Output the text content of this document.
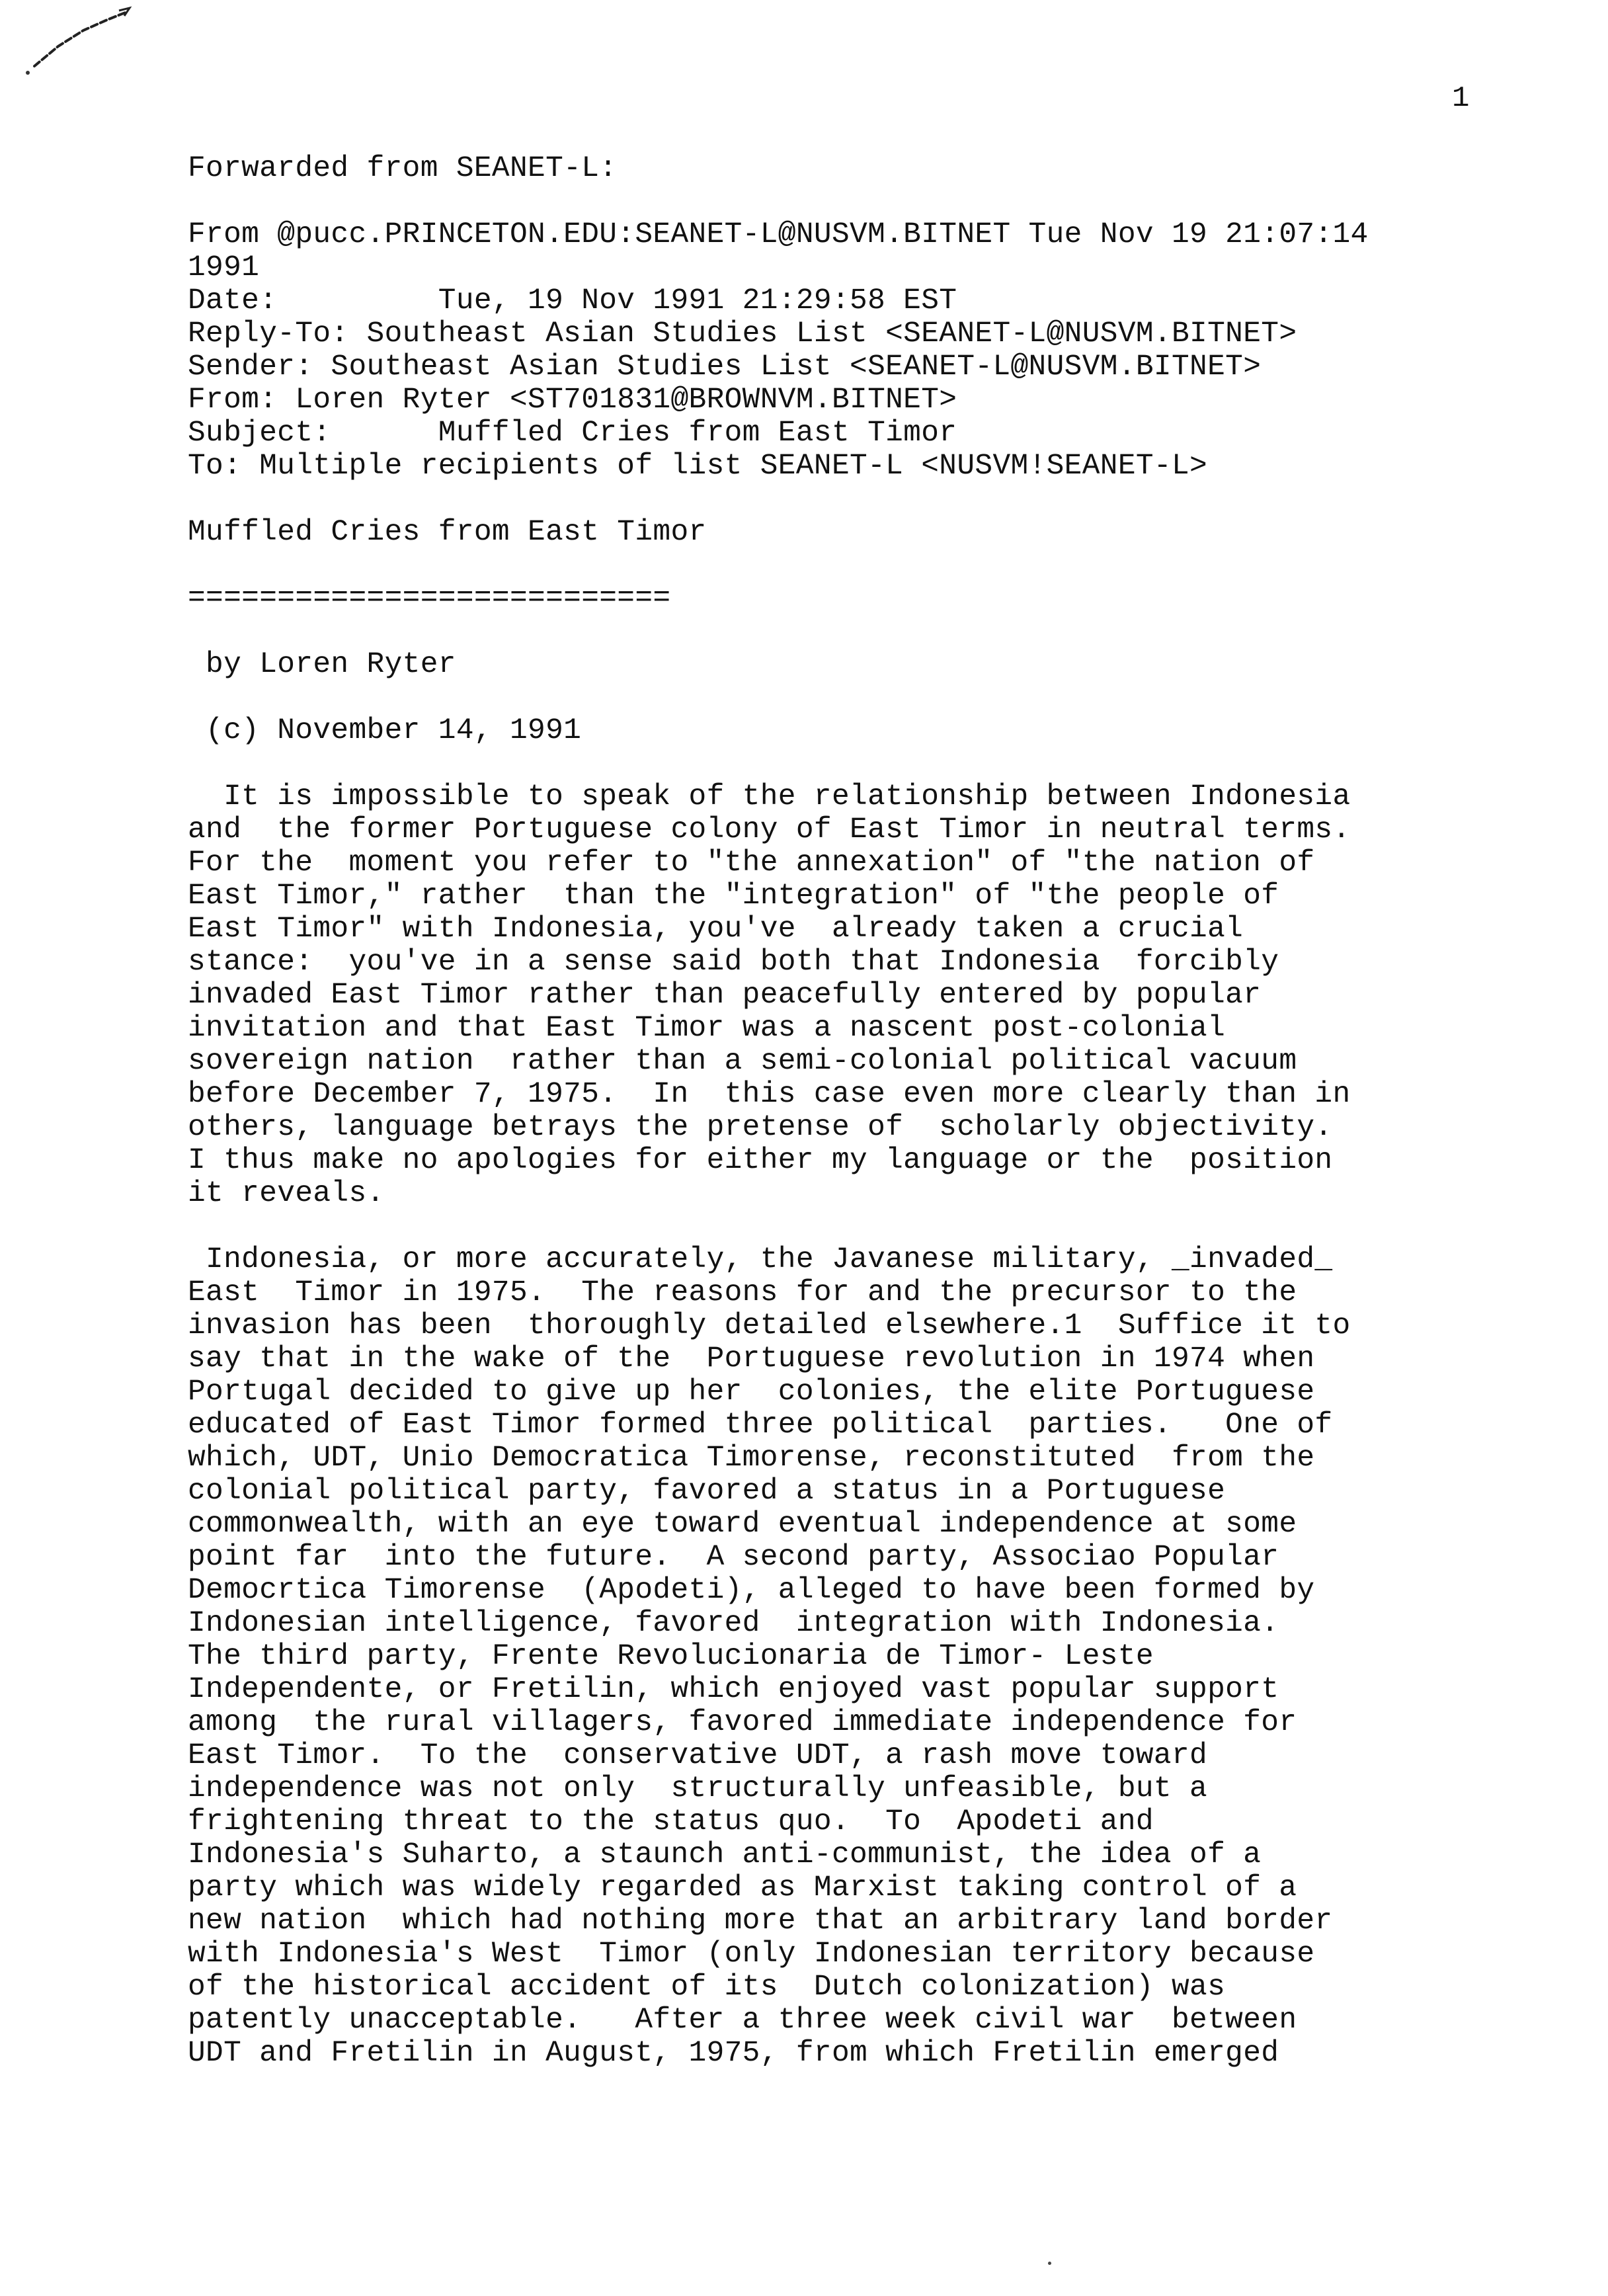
1
Forwarded from SEANET-L:
From @pucc.PRINCETON.EDU:SEANET-L@NUSVM.BITNET Tue Nov 19 21:07:14
1991
Date:         Tue, 19 Nov 1991 21:29:58 EST
Reply-To: Southeast Asian Studies List <SEANET-L@NUSVM.BITNET>
Sender: Southeast Asian Studies List <SEANET-L@NUSVM.BITNET>
From: Loren Ryter <ST701831@BROWNVM.BITNET>
Subject:      Muffled Cries from East Timor
To: Multiple recipients of list SEANET-L <NUSVM!SEANET-L>
Muffled Cries from East Timor
===========================
by Loren Ryter
(c) November 14, 1991
It is impossible to speak of the relationship between Indonesia
and  the former Portuguese colony of East Timor in neutral terms.
For the  moment you refer to "the annexation" of "the nation of
East Timor," rather  than the "integration" of "the people of
East Timor" with Indonesia, you've  already taken a crucial
stance:  you've in a sense said both that Indonesia  forcibly
invaded East Timor rather than peacefully entered by popular
invitation and that East Timor was a nascent post-colonial
sovereign nation  rather than a semi-colonial political vacuum
before December 7, 1975.  In  this case even more clearly than in
others, language betrays the pretense of  scholarly objectivity.
I thus make no apologies for either my language or the  position
it reveals.
Indonesia, or more accurately, the Javanese military, _invaded_
East  Timor in 1975.  The reasons for and the precursor to the
invasion has been  thoroughly detailed elsewhere.1  Suffice it to
say that in the wake of the  Portuguese revolution in 1974 when
Portugal decided to give up her  colonies, the elite Portuguese
educated of East Timor formed three political  parties.   One of
which, UDT, Unio Democratica Timorense, reconstituted  from the
colonial political party, favored a status in a Portuguese
commonwealth, with an eye toward eventual independence at some
point far  into the future.  A second party, Associao Popular
Democrtica Timorense  (Apodeti), alleged to have been formed by
Indonesian intelligence, favored  integration with Indonesia.
The third party, Frente Revolucionaria de Timor- Leste
Independente, or Fretilin, which enjoyed vast popular support
among  the rural villagers, favored immediate independence for
East Timor.  To the  conservative UDT, a rash move toward
independence was not only  structurally unfeasible, but a
frightening threat to the status quo.  To  Apodeti and
Indonesia's Suharto, a staunch anti-communist, the idea of a
party which was widely regarded as Marxist taking control of a
new nation  which had nothing more that an arbitrary land border
with Indonesia's West  Timor (only Indonesian territory because
of the historical accident of its  Dutch colonization) was
patently unacceptable.   After a three week civil war  between
UDT and Fretilin in August, 1975, from which Fretilin emerged
